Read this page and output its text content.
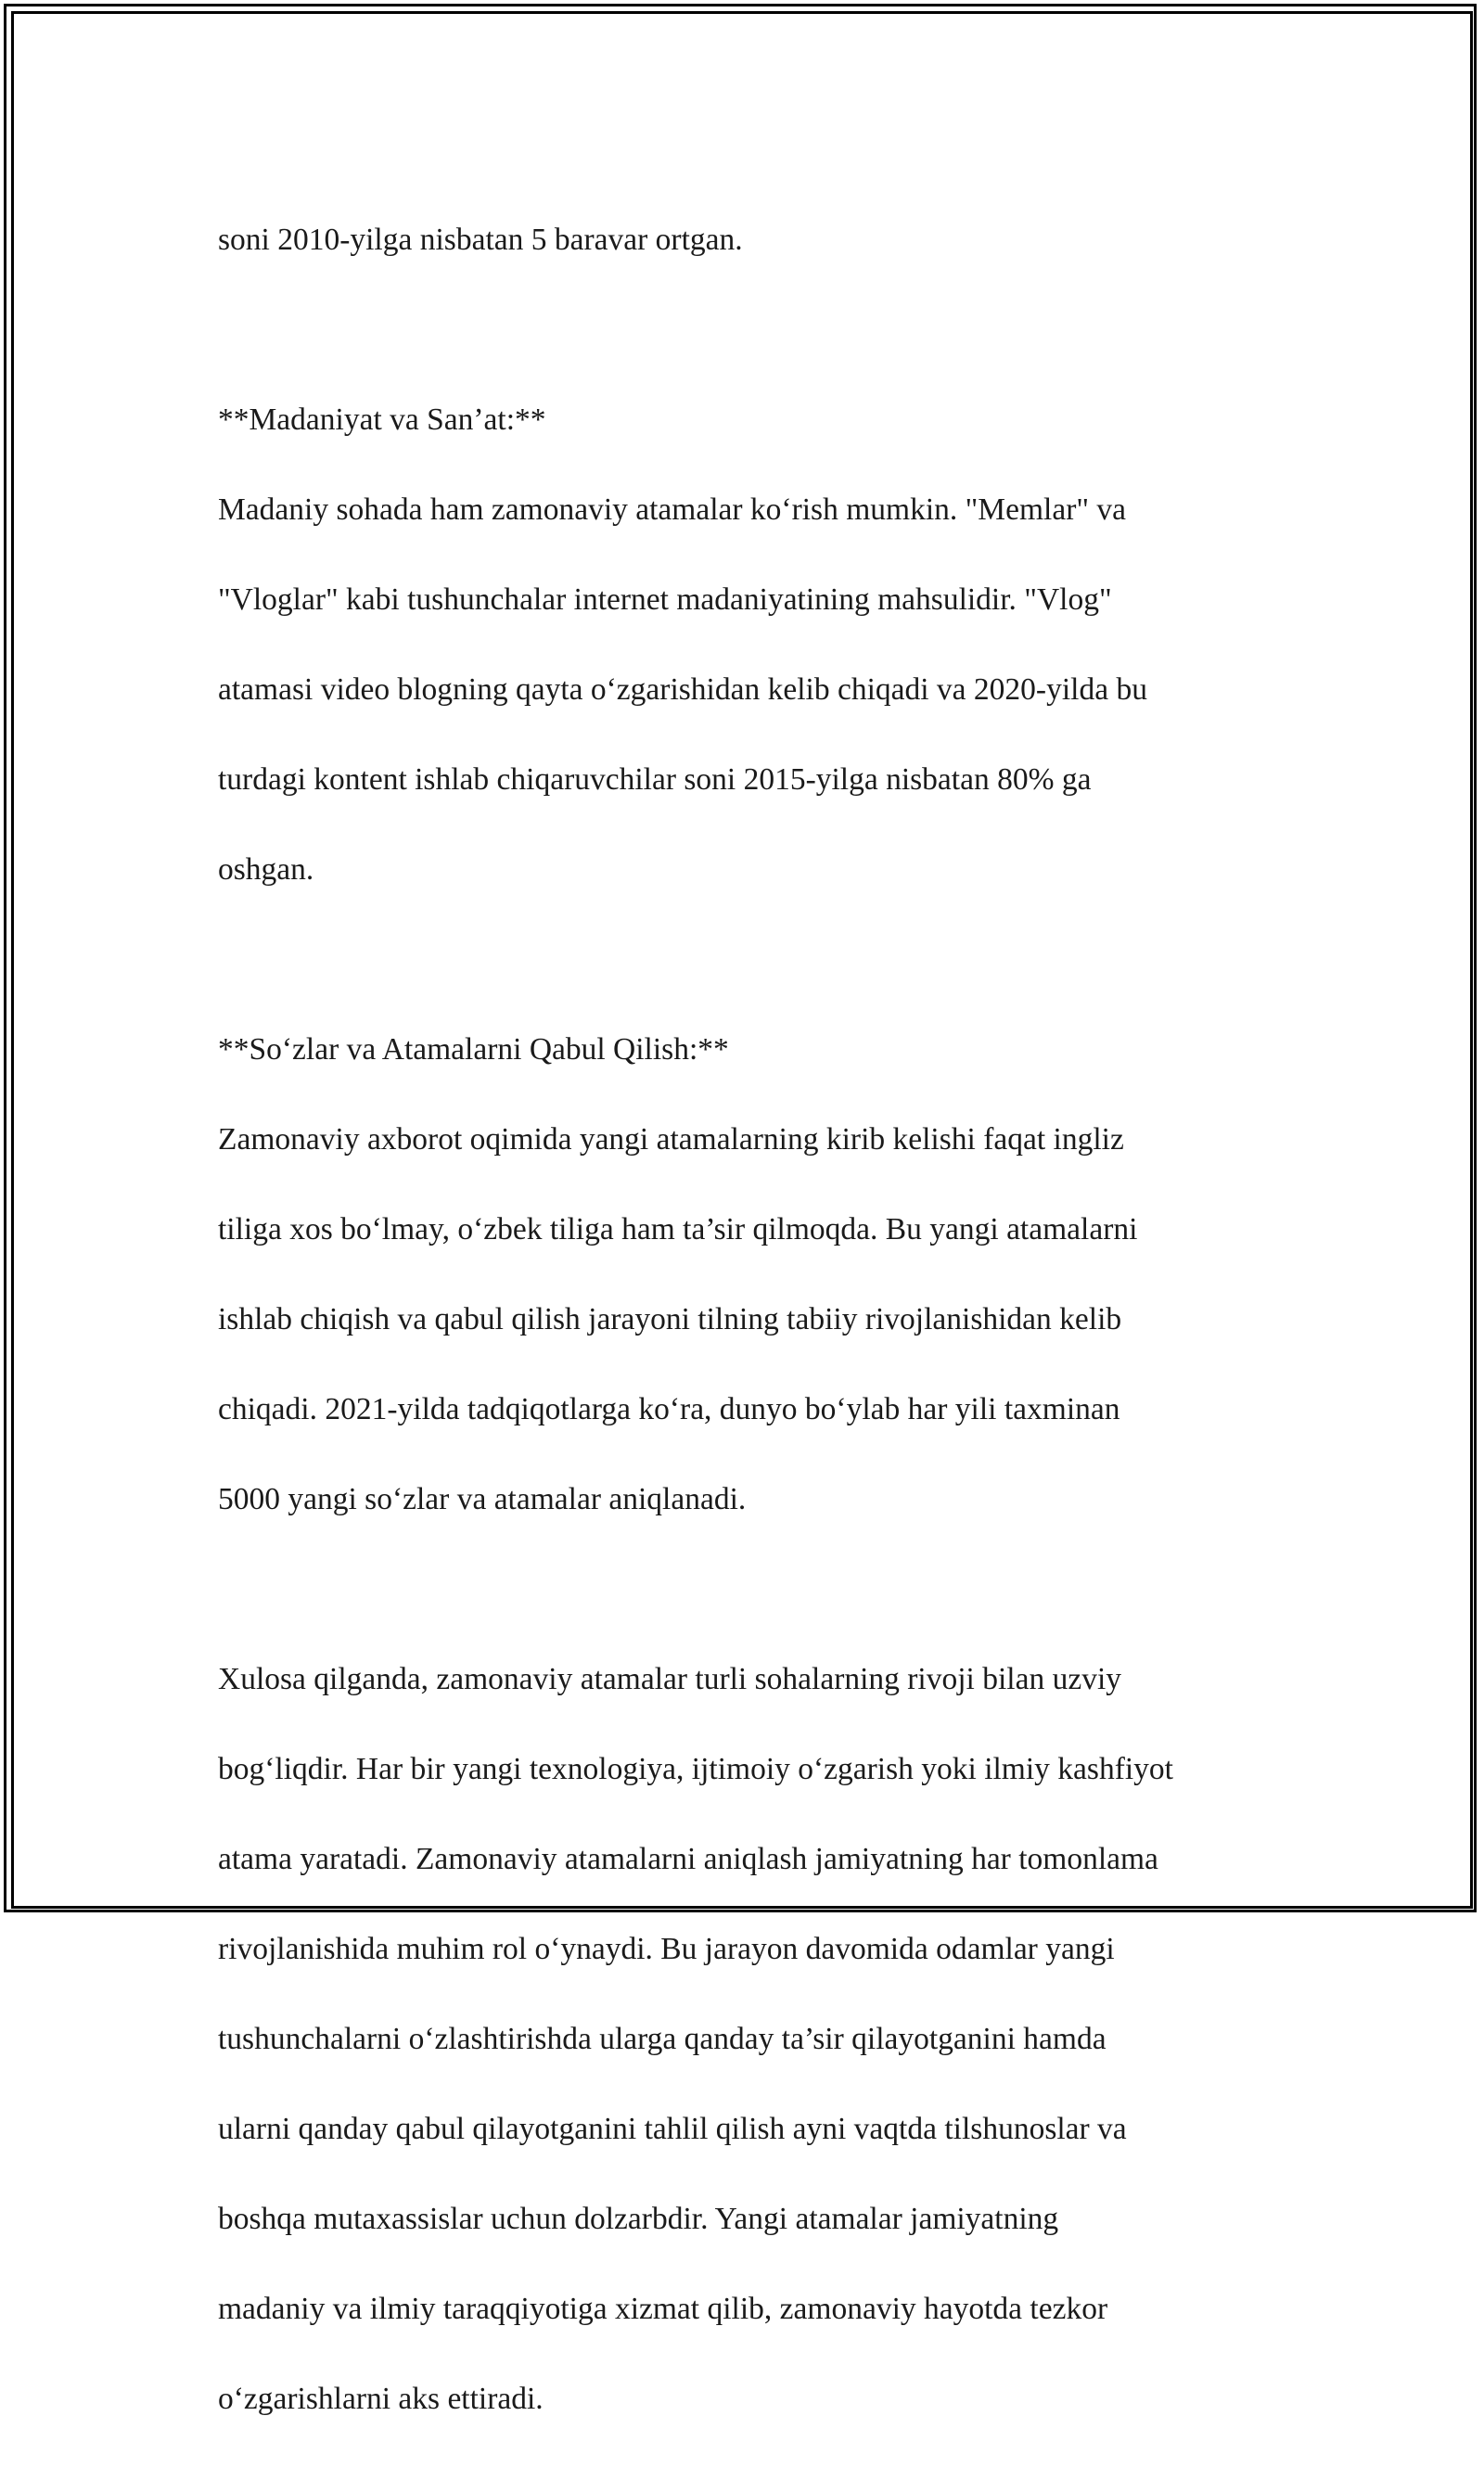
soni 2010-yilga nisbatan 5 baravar ortgan.

**Madaniyat va San’at:**

Madaniy sohada ham zamonaviy atamalar ko‘rish mumkin. "Memlar" va

"Vloglar" kabi tushunchalar internet madaniyatining mahsulidir. "Vlog"

atamasi video blogning qayta o‘zgarishidan kelib chiqadi va 2020-yilda bu

turdagi kontent ishlab chiqaruvchilar soni 2015-yilga nisbatan 80% ga

oshgan.

**So‘zlar va Atamalarni Qabul Qilish:**

Zamonaviy axborot oqimida yangi atamalarning kirib kelishi faqat ingliz

tiliga xos bo‘lmay, o‘zbek tiliga ham ta’sir qilmoqda. Bu yangi atamalarni

ishlab chiqish va qabul qilish jarayoni tilning tabiiy rivojlanishidan kelib

chiqadi. 2021-yilda tadqiqotlarga ko‘ra, dunyo bo‘ylab har yili taxminan

5000 yangi so‘zlar va atamalar aniqlanadi.

Xulosa qilganda, zamonaviy atamalar turli sohalarning rivoji bilan uzviy

bog‘liqdir. Har bir yangi texnologiya, ijtimoiy o‘zgarish yoki ilmiy kashfiyot

atama yaratadi. Zamonaviy atamalarni aniqlash jamiyatning har tomonlama

rivojlanishida muhim rol o‘ynaydi. Bu jarayon davomida odamlar yangi

tushunchalarni o‘zlashtirishda ularga qanday ta’sir qilayotganini hamda

ularni qanday qabul qilayotganini tahlil qilish ayni vaqtda tilshunoslar va

boshqa mutaxassislar uchun dolzarbdir. Yangi atamalar jamiyatning

madaniy va ilmiy taraqqiyotiga xizmat qilib, zamonaviy hayotda tezkor

o‘zgarishlarni aks ettiradi.
